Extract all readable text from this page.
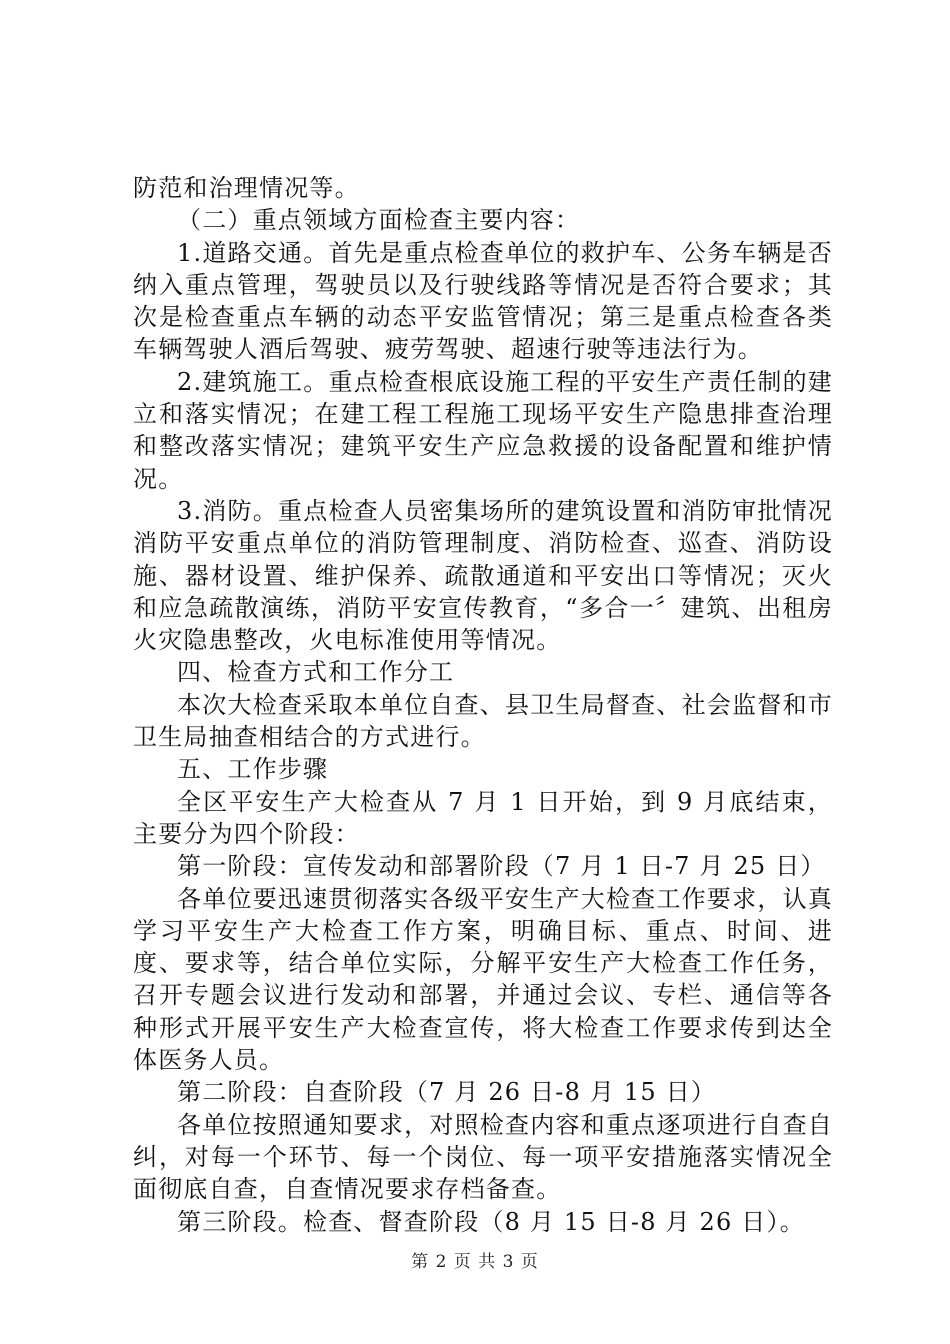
防范和治理情况等。

（二）重点领域方面检查主要内容：

1.道路交通。首先是重点检查单位的救护车、公务车辆是否纳入重点管理，驾驶员以及行驶线路等情况是否符合要求；其次是检查重点车辆的动态平安监管情况；第三是重点检查各类车辆驾驶人酒后驾驶、疲劳驾驶、超速行驶等违法行为。

2.建筑施工。重点检查根底设施工程的平安生产责任制的建立和落实情况；在建工程工程施工现场平安生产隐患排查治理和整改落实情况；建筑平安生产应急救援的设备配置和维护情况。

3.消防。重点检查人员密集场所的建筑设置和消防审批情况消防平安重点单位的消防管理制度、消防检查、巡查、消防设施、器材设置、维护保养、疏散通道和平安出口等情况；灭火和应急疏散演练，消防平安宣传教育，“多合一〞建筑、出租房火灾隐患整改，火电标准使用等情况。

四、检查方式和工作分工

本次大检查采取本单位自查、县卫生局督查、社会监督和市卫生局抽查相结合的方式进行。

五、工作步骤

全区平安生产大检查从 7 月 1 日开始，到 9 月底结束，主要分为四个阶段：

第一阶段：宣传发动和部署阶段（7 月 1 日-7 月 25 日）

各单位要迅速贯彻落实各级平安生产大检查工作要求，认真学习平安生产大检查工作方案，明确目标、重点、时间、进度、要求等，结合单位实际，分解平安生产大检查工作任务，召开专题会议进行发动和部署，并通过会议、专栏、通信等各种形式开展平安生产大检查宣传，将大检查工作要求传到达全体医务人员。

第二阶段：自查阶段（7 月 26 日-8 月 15 日）

各单位按照通知要求，对照检查内容和重点逐项进行自查自纠，对每一个环节、每一个岗位、每一项平安措施落实情况全面彻底自查，自查情况要求存档备查。

第三阶段。检查、督查阶段（8 月 15 日-8 月 26 日）。

第 2 页 共 3 页
